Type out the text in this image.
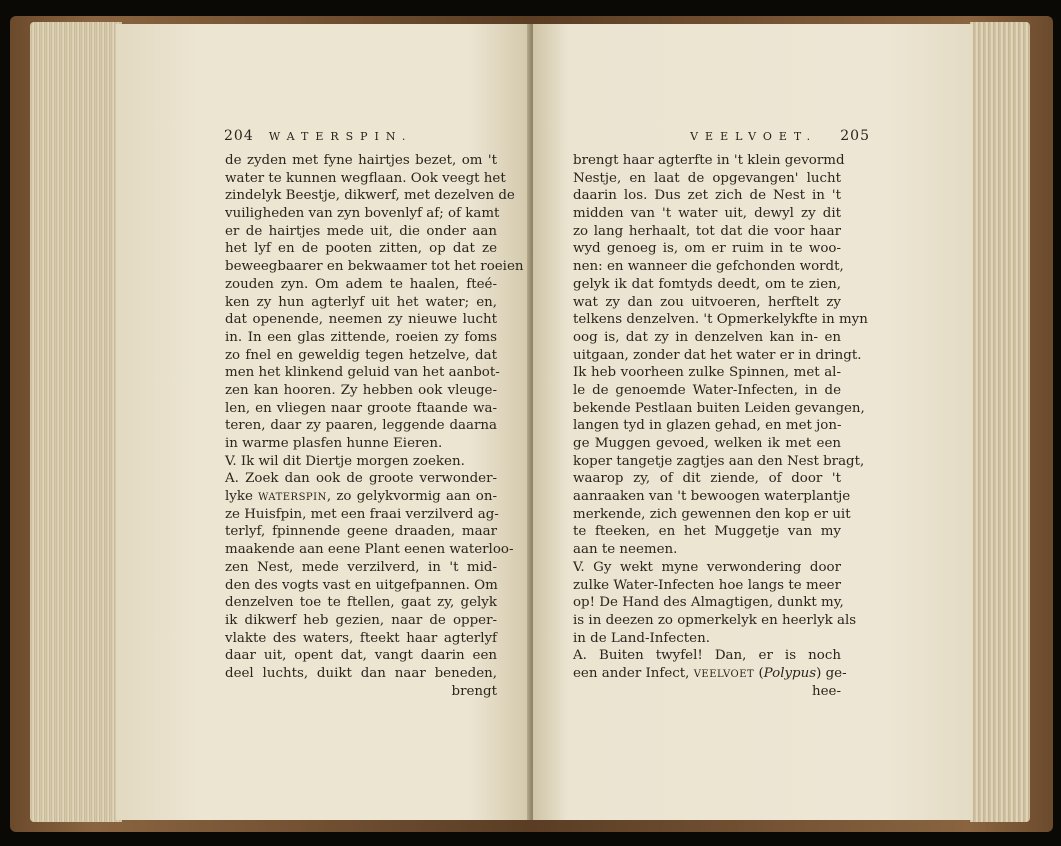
204 WATERSPIN.
de zyden met fyne hairtjes bezet, om 't
water te kunnen wegflaan. Ook veegt het
zindelyk Beestje, dikwerf, met dezelven de
vuiligheden van zyn bovenlyf af; of kamt
er de hairtjes mede uit, die onder aan
het lyf en de pooten zitten, op dat ze
beweegbaarer en bekwaamer tot het roeien
zouden zyn. Om adem te haalen, fteé-
ken zy hun agterlyf uit het water; en,
dat openende, neemen zy nieuwe lucht
in. In een glas zittende, roeien zy foms
zo fnel en geweldig tegen hetzelve, dat
men het klinkend geluid van het aanbot-
zen kan hooren. Zy hebben ook vleuge-
len, en vliegen naar groote ftaande wa-
teren, daar zy paaren, leggende daarna
in warme plasfen hunne Eieren.
V. Ik wil dit Diertje morgen zoeken.
A. Zoek dan ook de groote verwonder-
lyke WATERSPIN, zo gelykvormig aan on-
ze Huisfpin, met een fraai verzilverd ag-
terlyf, fpinnende geene draaden, maar
maakende aan eene Plant eenen waterloo-
zen Nest, mede verzilverd, in 't mid-
den des vogts vast en uitgefpannen. Om
denzelven toe te ftellen, gaat zy, gelyk
ik dikwerf heb gezien, naar de opper-
vlakte des waters, fteekt haar agterlyf
daar uit, opent dat, vangt daarin een
deel luchts, duikt dan naar beneden,
brengt
VEELVOET. 205
brengt haar agterfte in 't klein gevormd
Nestje, en laat de opgevangen' lucht
daarin los. Dus zet zich de Nest in 't
midden van 't water uit, dewyl zy dit
zo lang herhaalt, tot dat die voor haar
wyd genoeg is, om er ruim in te woo-
nen: en wanneer die gefchonden wordt,
gelyk ik dat fomtyds deedt, om te zien,
wat zy dan zou uitvoeren, herftelt zy
telkens denzelven. 't Opmerkelykfte in myn
oog is, dat zy in denzelven kan in- en
uitgaan, zonder dat het water er in dringt.
Ik heb voorheen zulke Spinnen, met al-
le de genoemde Water-Infecten, in de
bekende Pestlaan buiten Leiden gevangen,
langen tyd in glazen gehad, en met jon-
ge Muggen gevoed, welken ik met een
koper tangetje zagtjes aan den Nest bragt,
waarop zy, of dit ziende, of door 't
aanraaken van 't bewoogen waterplantje
merkende, zich gewennen den kop er uit
te fteeken, en het Muggetje van my
aan te neemen.
V. Gy wekt myne verwondering door
zulke Water-Infecten hoe langs te meer
op! De Hand des Almagtigen, dunkt my,
is in deezen zo opmerkelyk en heerlyk als
in de Land-Infecten.
A. Buiten twyfel! Dan, er is noch
een ander Infect, VEELVOET (Polypus) ge-
hee-
